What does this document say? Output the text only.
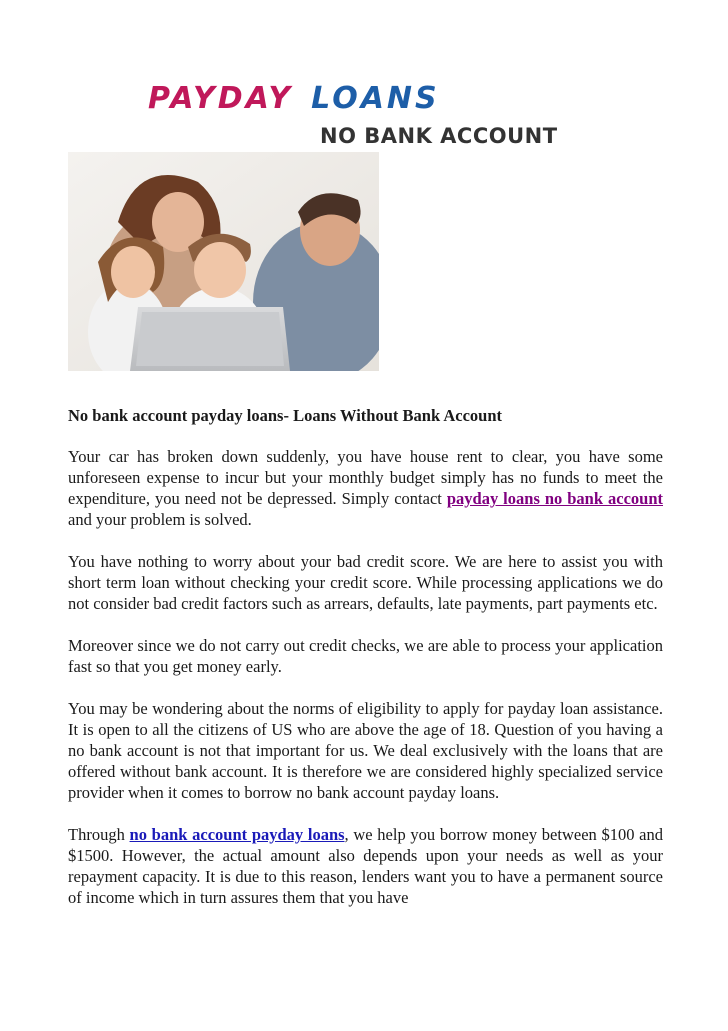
PAYDAY LOANS
NO BANK ACCOUNT
No bank account payday loans- Loans Without Bank Account

Your car has broken down suddenly, you have house rent to clear, you have some unforeseen expense to incur but your monthly budget simply has no funds to meet the expenditure, you need not be depressed. Simply contact payday loans no bank account and your problem is solved.

You have nothing to worry about your bad credit score. We are here to assist you with short term loan without checking your credit score. While processing applications we do not consider bad credit factors such as arrears, defaults, late payments, part payments etc.

Moreover since we do not carry out credit checks, we are able to process your application fast so that you get money early.

You may be wondering about the norms of eligibility to apply for payday loan assistance. It is open to all the citizens of US who are above the age of 18. Question of you having a no bank account is not that important for us. We deal exclusively with the loans that are offered without bank account. It is therefore we are considered highly specialized service provider when it comes to borrow no bank account payday loans.

Through no bank account payday loans, we help you borrow money between $100 and $1500. However, the actual amount also depends upon your needs as well as your repayment capacity. It is due to this reason, lenders want you to have a permanent source of income which in turn assures them that you have
